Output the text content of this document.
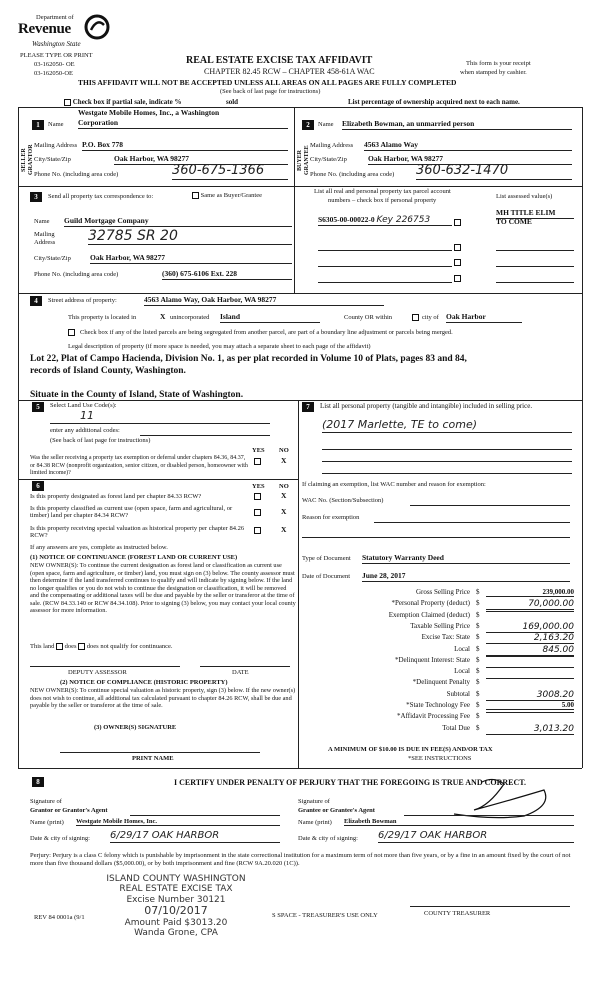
Department of
Revenue
Washington State
PLEASE TYPE OR PRINT
03-162050- OE
03-162050-OE
REAL ESTATE EXCISE TAX AFFIDAVIT
CHAPTER 82.45 RCW – CHAPTER 458-61A WAC
This form is your receipt
when stamped by cashier.
THIS AFFIDAVIT WILL NOT BE ACCEPTED UNLESS ALL AREAS ON ALL PAGES ARE FULLY COMPLETED
(See back of last page for instructions)
Check box if partial sale, indicate %	sold	List percentage of ownership acquired next to each name.
SELLER GRANTOR	BUYER GRANTEE
1	Name
Westgate Mobile Homes, Inc., a Washington
Corporation
Mailing Address P.O. Box 778
City/State/Zip	Oak Harbor, WA 98277
Phone No. (including area code)	360-675-1366
2	Name Elizabeth Bowman, an unmarried person
Mailing Address 4563 Alamo Way
City/State/Zip	Oak Harbor, WA 98277
Phone No. (including area code) 360-632-1470
3	Send all property tax correspondence to:	Same as Buyer/Grantee
List all real and personal property tax parcel account
numbers – check box if personal property
List assessed value(s)
Name Guild Mortgage Company
Mailing
Address 32785 SR 20
City/State/Zip	Oak Harbor, WA 98277
Phone No. (including area code)	(360) 675-6106 Ext. 228
S6305-00-00022-0 Key 226753
MH TITLE ELIM
TO COME
4	Street address of property:	4563 Alamo Way, Oak Harbor, WA 98277
This property is located in	X unincorporated Island	County OR within	city of Oak Harbor
Check box if any of the listed parcels are being segregated from another parcel, are part of a boundary line adjustment or parcels being merged.
Legal description of property (if more space is needed, you may attach a separate sheet to each page of the affidavit)
Lot 22, Plat of Campo Hacienda, Division No. 1, as per plat recorded in Volume 10 of Plats, pages 83 and 84,
records of Island County, Washington.
Situate in the County of Island, State of Washington.
5	Select Land Use Code(s):
11
enter any additional codes:
(See back of last page for instructions)
YES NO
Was the seller receiving a property tax exemption or deferral under chapters 84.36, 84.37, or 84.38 RCW (nonprofit organization, senior citizen, or disabled person, homeowner with limited income)?
X
6	YES NO
Is this property designated as forest land per chapter 84.33 RCW?	X
Is this property classified as current use (open space, farm and agricultural, or timber) land per chapter 84.34 RCW?	X
Is this property receiving special valuation as historical property per chapter 84.26 RCW?
X
If any answers are yes, complete as instructed below.
(1) NOTICE OF CONTINUANCE (FOREST LAND OR CURRENT USE)
NEW OWNER(S): To continue the current designation as forest land or classification as current use (open space, farm and agriculture, or timber) land, you must sign on (3) below. The county assessor must then determine if the land transferred continues to qualify and will indicate by signing below. If the land no longer qualifies or you do not wish to continue the designation or classification, it will be removed and the compensating or additional taxes will be due and payable by the seller or transferor at the time of sale. (RCW 84.33.140 or RCW 84.34.108). Prior to signing (3) below, you may contact your local county assessor for more information.
This land does does not qualify for continuance.
DEPUTY ASSESSOR	DATE
(2) NOTICE OF COMPLIANCE (HISTORIC PROPERTY)
NEW OWNER(S): To continue special valuation as historic property, sign (3) below. If the new owner(s) does not wish to continue, all additional tax calculated pursuant to chapter 84.26 RCW, shall be due and payable by the seller or transferor at the time of sale.
(3) OWNER(S) SIGNATURE
PRINT NAME
7	List all personal property (tangible and intangible) included in selling price.
(2017 Marlette, TE to come)
If claiming an exemption, list WAC number and reason for exemption:
WAC No. (Section/Subsection)
Reason for exemption
Type of Document Statutory Warranty Deed
Date of Document June 28, 2017
Gross Selling Price $	239,000.00
*Personal Property (deduct) $	70,000.00
Exemption Claimed (deduct) $
Taxable Selling Price $	169,000.00
Excise Tax: State $	2,163.20
Local $	845.00
*Delinquent Interest: State $
Local $
*Delinquent Penalty $
Subtotal $	3008.20
*State Technology Fee $	5.00
*Affidavit Processing Fee $
Total Due $	3,013.20
A MINIMUM OF $10.00 IS DUE IN FEE(S) AND/OR TAX
*SEE INSTRUCTIONS
8	I CERTIFY UNDER PENALTY OF PERJURY THAT THE FOREGOING IS TRUE AND CORRECT.
Signature of
Grantor or Grantor's Agent
Signature of
Grantee or Grantee's Agent
Name (print) Westgate Mobile Homes, Inc.	Name (print) Elizabeth Bowman
Date & city of signing: 6/29/17 OAK HARBOR	Date & city of signing: 6/29/17 OAK HARBOR
Perjury: Perjury is a class C felony which is punishable by imprisonment in the state correctional institution for a maximum term of not more than five years, or by a fine in an amount fixed by the court of not more than five thousand dollars ($5,000.00), or by both imprisonment and fine (RCW 9A.20.020 (1C)).
ISLAND COUNTY WASHINGTON
REAL ESTATE EXCISE TAX
Excise Number 30121
07/10/2017
Amount Paid $3013.20
Wanda Grone, CPA
REV 84 0001a (9/1	S SPACE - TREASURER'S USE ONLY	COUNTY TREASURER
